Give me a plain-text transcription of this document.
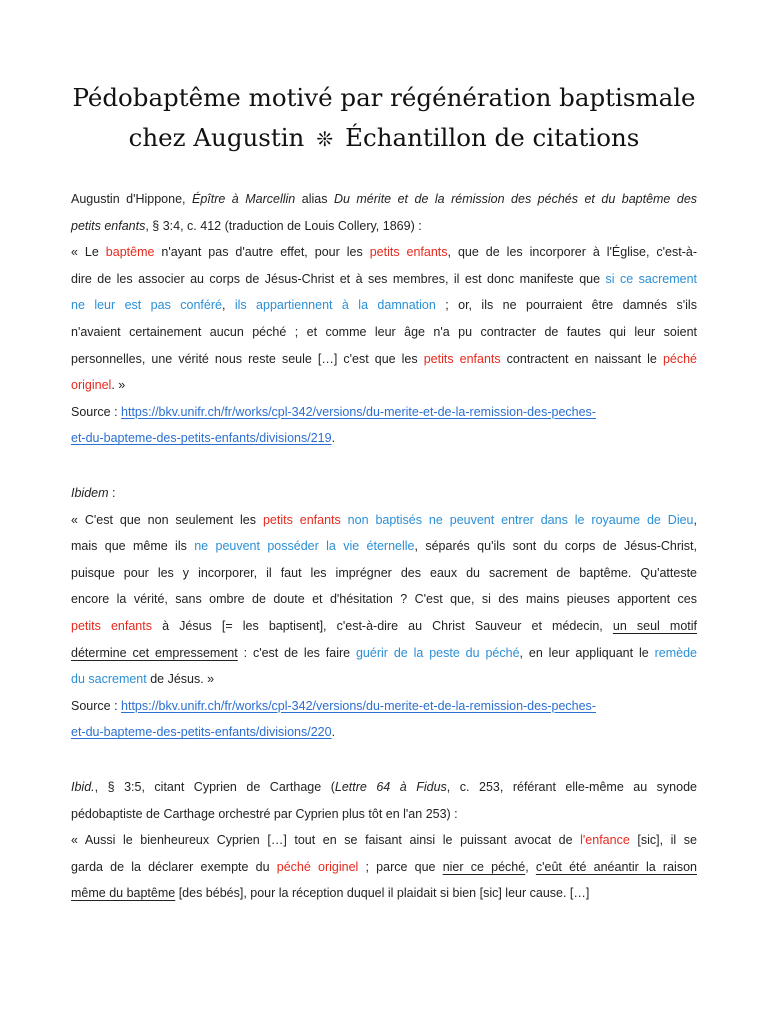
Pédobaptême motivé par régénération baptismale
chez Augustin ❊ Échantillon de citations
Augustin d'Hippone, Épître à Marcellin alias Du mérite et de la rémission des péchés et du baptême des
petits enfants, § 3:4, c. 412 (traduction de Louis Collery, 1869) :
« Le baptême n'ayant pas d'autre effet, pour les petits enfants, que de les incorporer à l'Église, c'est-à-
dire de les associer au corps de Jésus-Christ et à ses membres, il est donc manifeste que si ce sacrement
ne leur est pas conféré, ils appartiennent à la damnation ; or, ils ne pourraient être damnés s'ils
n'avaient certainement aucun péché ; et comme leur âge n'a pu contracter de fautes qui leur soient
personnelles, une vérité nous reste seule […] c'est que les petits enfants contractent en naissant le péché
originel. »
Source : https://bkv.unifr.ch/fr/works/cpl-342/versions/du-merite-et-de-la-remission-des-peches-
et-du-bapteme-des-petits-enfants/divisions/219.
Ibidem :
« C'est que non seulement les petits enfants non baptisés ne peuvent entrer dans le royaume de Dieu,
mais que même ils ne peuvent posséder la vie éternelle, séparés qu'ils sont du corps de Jésus-Christ,
puisque pour les y incorporer, il faut les imprégner des eaux du sacrement de baptême. Qu'atteste
encore la vérité, sans ombre de doute et d'hésitation ? C'est que, si des mains pieuses apportent ces
petits enfants à Jésus [= les baptisent], c'est-à-dire au Christ Sauveur et médecin, un seul motif
détermine cet empressement : c'est de les faire guérir de la peste du péché, en leur appliquant le remède
du sacrement de Jésus. »
Source : https://bkv.unifr.ch/fr/works/cpl-342/versions/du-merite-et-de-la-remission-des-peches-
et-du-bapteme-des-petits-enfants/divisions/220.
Ibid., § 3:5, citant Cyprien de Carthage (Lettre 64 à Fidus, c. 253, référant elle-même au synode
pédobaptiste de Carthage orchestré par Cyprien plus tôt en l'an 253) :
« Aussi le bienheureux Cyprien […] tout en se faisant ainsi le puissant avocat de l'enfance [sic], il se
garda de la déclarer exempte du péché originel ; parce que nier ce péché, c'eût été anéantir la raison
même du baptême [des bébés], pour la réception duquel il plaidait si bien [sic] leur cause. […]
